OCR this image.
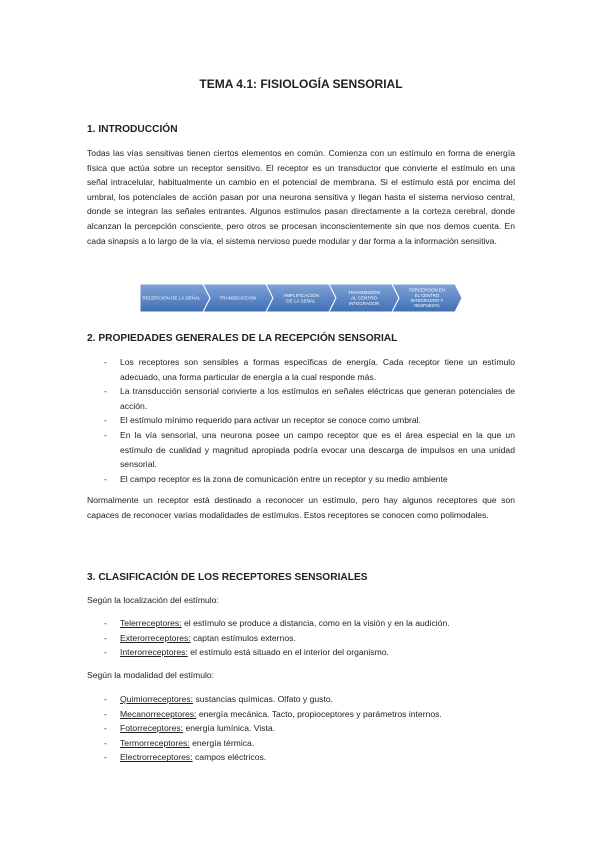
TEMA 4.1: FISIOLOGÍA SENSORIAL
1. INTRODUCCIÓN
Todas las vías sensitivas tienen ciertos elementos en común. Comienza con un estímulo en forma de energía física que actúa sobre un receptor sensitivo. El receptor es un transductor que convierte el estímulo en una señal intracelular, habitualmente un cambio en el potencial de membrana. Si el estímulo está por encima del umbral, los potenciales de acción pasan por una neurona sensitiva y llegan hasta el sistema nervioso central, donde se integran las señales entrantes. Algunos estímulos pasan directamente a la corteza cerebral, donde alcanzan la percepción consciente, pero otros se procesan inconscientemente sin que nos demos cuenta. En cada sinapsis a lo largo de la vía, el sistema nervioso puede modular y dar forma a la información sensitiva.
RECEPCIÓN DE LA SEÑAL	TRANSDUCCIÓN
AMPLIFICACIÓN
DE LA SEÑAL
TRANSMISIÓN
AL CENTRO
INTEGRADOR
PERCEPCIÓN EN
EL CENTRO
INTEGRADOR Y
RESPUESTA
2. PROPIEDADES GENERALES DE LA RECEPCIÓN SENSORIAL
- Los receptores son sensibles a formas específicas de energía. Cada receptor tiene un estímulo adecuado, una forma particular de energía a la cual responde más.
- La transducción sensorial convierte a los estímulos en señales eléctricas que generan potenciales de acción.
- El estímulo mínimo requerido para activar un receptor se conoce como umbral.
- En la vía sensorial, una neurona posee un campo receptor que es el área especial en la que un estímulo de cualidad y magnitud apropiada podría evocar una descarga de impulsos en una unidad sensorial.
- El campo receptor es la zona de comunicación entre un receptor y su medio ambiente
Normalmente un receptor está destinado a reconocer un estímulo, pero hay algunos receptores que son capaces de reconocer varias modalidades de estímulos. Estos receptores se conocen como polimodales.
3. CLASIFICACIÓN DE LOS RECEPTORES SENSORIALES
Según la localización del estímulo:
- Telerreceptores: el estímulo se produce a distancia, como en la visión y en la audición.
- Exterorreceptores: captan estímulos externos.
- Interorreceptores: el estímulo está situado en el interior del organismo.
Según la modalidad del estímulo:
- Quimiorreceptores: sustancias químicas. Olfato y gusto.
- Mecanorreceptores: energía mecánica. Tacto, propioceptores y parámetros internos.
- Fotorreceptores: energía lumínica. Vista.
- Termorreceptores: energía térmica.
- Electrorreceptores: campos eléctricos.
